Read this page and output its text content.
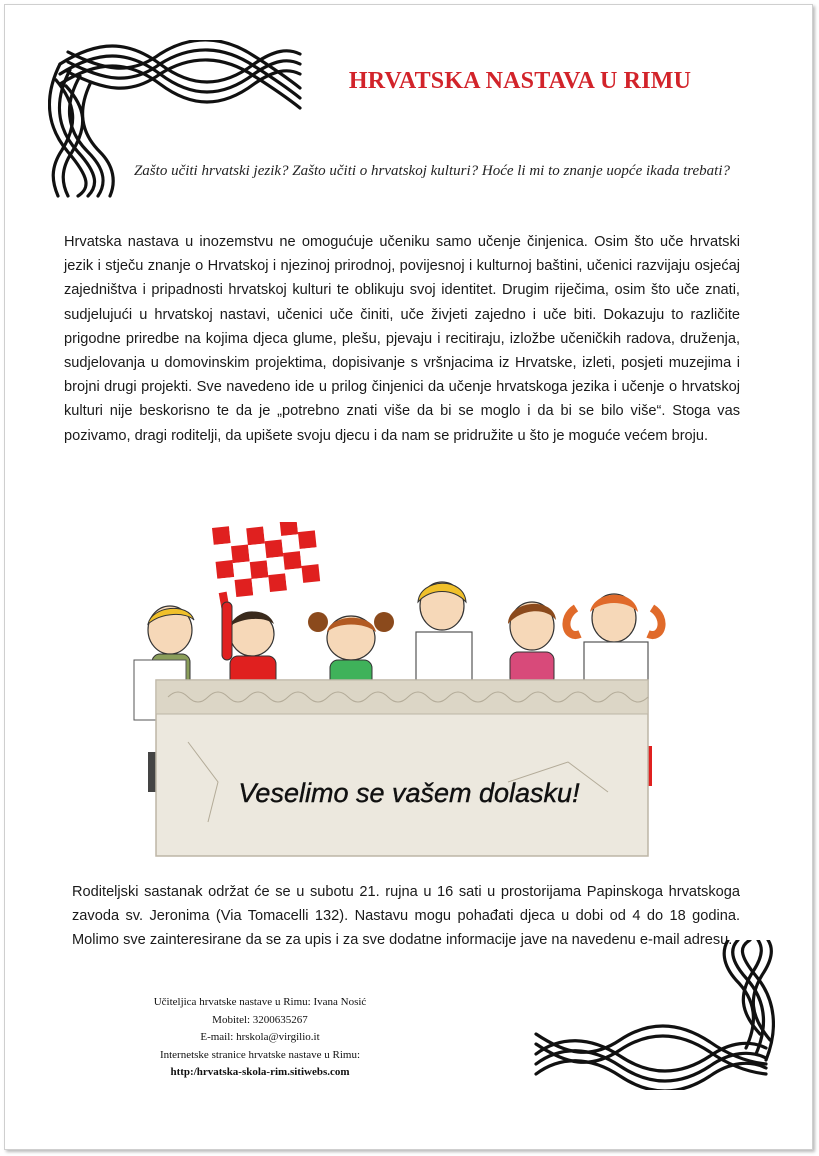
HRVATSKA NASTAVA U RIMU
Zašto učiti hrvatski jezik? Zašto učiti o hrvatskoj kulturi? Hoće li mi to znanje uopće ikada trebati?
Hrvatska nastava u inozemstvu ne omogućuje učeniku samo učenje činjenica. Osim što uče hrvatski jezik i stječu znanje o Hrvatskoj i njezinoj prirodnoj, povijesnoj i kulturnoj baštini, učenici razvijaju osjećaj zajedništva i pripadnosti hrvatskoj kulturi te oblikuju svoj identitet. Drugim riječima, osim što uče znati, sudjelujući u hrvatskoj nastavi, učenici uče činiti, uče živjeti zajedno i uče biti. Dokazuju to različite prigodne priredbe na kojima djeca glume, plešu, pjevaju i recitiraju, izložbe učeničkih radova, druženja, sudjelovanja u domovinskim projektima, dopisivanje s vršnjacima iz Hrvatske, izleti, posjeti muzejima i brojni drugi projekti. Sve navedeno ide u prilog činjenici da učenje hrvatskoga jezika i učenje o hrvatskoj kulturi nije beskorisno te da je „potrebno znati više da bi se moglo i da bi se bilo više“. Stoga vas pozivamo, dragi roditelji, da upišete svoju djecu i da nam se pridružite u što je moguće većem broju.
Veselimo se vašem dolasku!
Roditeljski sastanak održat će se u subotu 21. rujna u 16 sati u prostorijama Papinskoga hrvatskoga zavoda sv. Jeronima (Via Tomacelli 132). Nastavu mogu pohađati djeca u dobi od 4 do 18 godina. Molimo sve zainteresirane da se za upis i za sve dodatne informacije jave na navedenu e-mail adresu.
Učiteljica hrvatske nastave u Rimu: Ivana Nosić
Mobitel: 3200635267
E-mail: hrskola@virgilio.it
Internetske stranice hrvatske nastave u Rimu:
http:/hrvatska-skola-rim.sitiwebs.com
